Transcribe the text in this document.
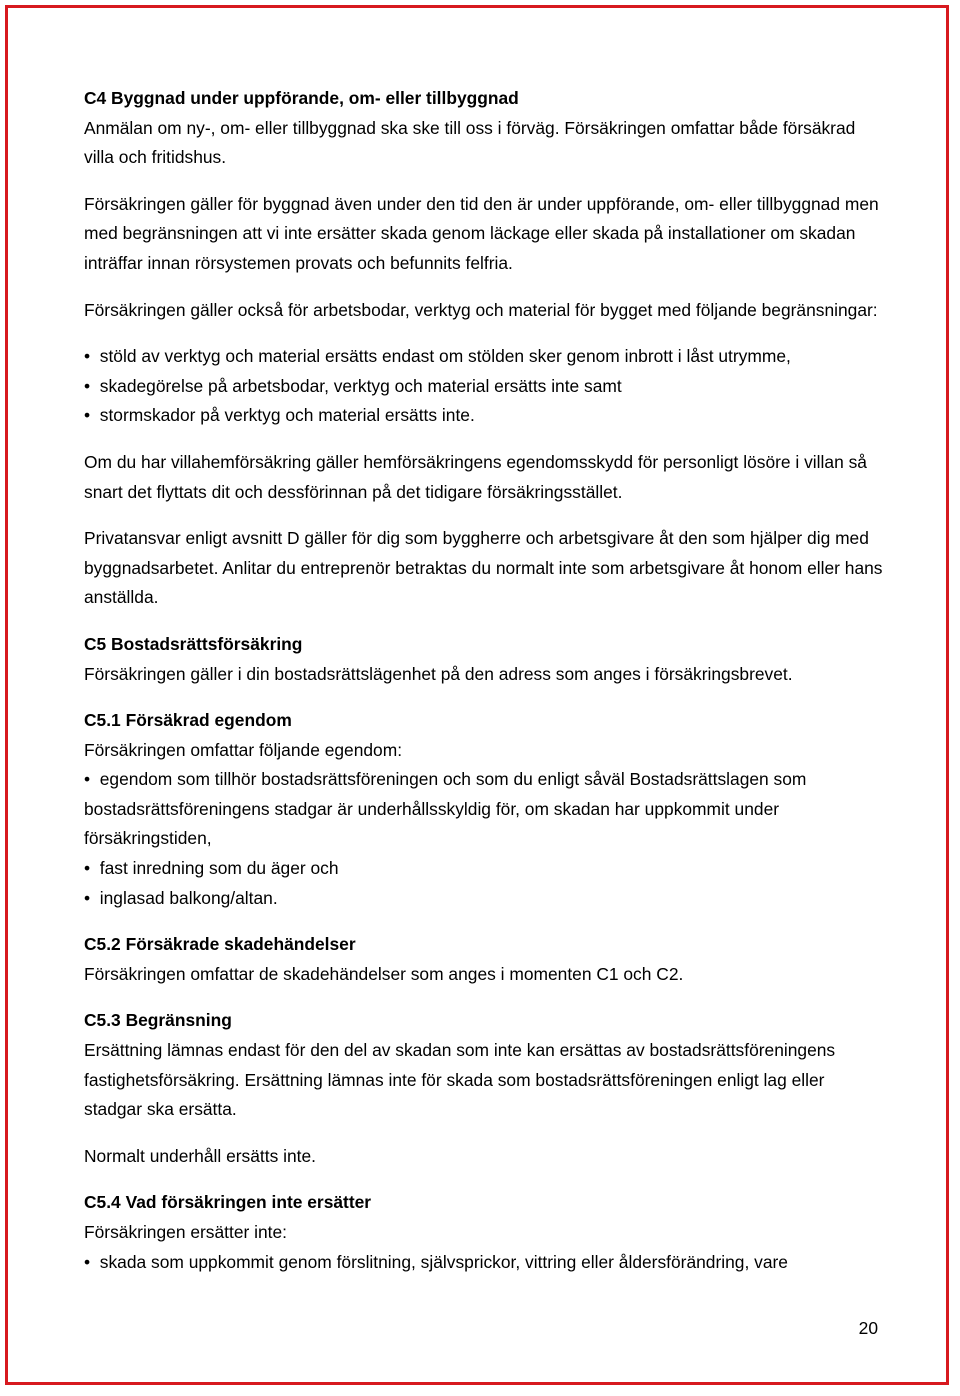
C4 Byggnad under uppförande, om- eller tillbyggnad

Anmälan om ny-, om- eller tillbyggnad ska ske till oss i förväg. Försäkringen omfattar både försäkrad villa och fritidshus.

Försäkringen gäller för byggnad även under den tid den är under uppförande, om- eller tillbyggnad men med begränsningen att vi inte ersätter skada genom läckage eller skada på installationer om skadan inträffar innan rörsystemen provats och befunnits felfria.

Försäkringen gäller också för arbetsbodar, verktyg och material för bygget med följande begränsningar:

•  stöld av verktyg och material ersätts endast om stölden sker genom inbrott i låst utrymme,
•  skadegörelse på arbetsbodar, verktyg och material ersätts inte samt
•  stormskador på verktyg och material ersätts inte.

Om du har villahemförsäkring gäller hemförsäkringens egendomsskydd för personligt lösöre i villan så snart det flyttats dit och dessförinnan på det tidigare försäkringsstället.

Privatansvar enligt avsnitt D gäller för dig som byggherre och arbetsgivare åt den som hjälper dig med byggnadsarbetet. Anlitar du entreprenör betraktas du normalt inte som arbetsgivare åt honom eller hans anställda.

C5 Bostadsrättsförsäkring

Försäkringen gäller i din bostadsrättslägenhet på den adress som anges i försäkringsbrevet.

C5.1 Försäkrad egendom

Försäkringen omfattar följande egendom:

•  egendom som tillhör bostadsrättsföreningen och som du enligt såväl Bostadsrättslagen som bostadsrättsföreningens stadgar är underhållsskyldig för, om skadan har uppkommit under försäkringstiden,
•  fast inredning som du äger och
•  inglasad balkong/altan.

C5.2 Försäkrade skadehändelser

Försäkringen omfattar de skadehändelser som anges i momenten C1 och C2.

C5.3 Begränsning

Ersättning lämnas endast för den del av skadan som inte kan ersättas av bostadsrättsföreningens fastighetsförsäkring. Ersättning lämnas inte för skada som bostadsrättsföreningen enligt lag eller stadgar ska ersätta.

Normalt underhåll ersätts inte.

C5.4 Vad försäkringen inte ersätter

Försäkringen ersätter inte:

•  skada som uppkommit genom förslitning, självsprickor, vittring eller åldersförändring, vare
20
